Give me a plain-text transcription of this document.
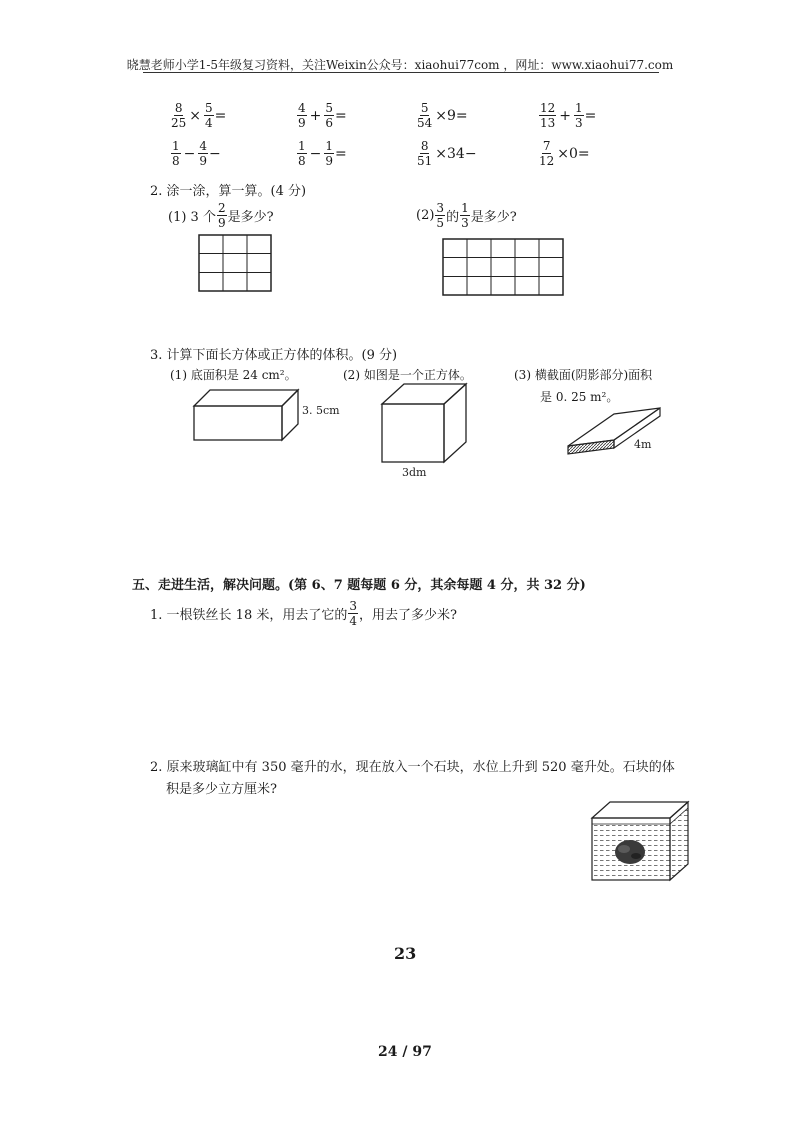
晓慧老师小学1-5年级复习资料，关注Weixin公众号：xiaohui77com ，网址：www.xiaohui77.com
$\frac{8}{25} \times \frac{5}{4}$ =	$\frac{4}{9} + \frac{5}{6}$ =	$\frac{5}{54} \times 9=$	$\frac{12}{13} + \frac{1}{3}$ =
$\frac{1}{8} - \frac{4}{9}$ −	$\frac{1}{8} - \frac{1}{9}$ =	$\frac{8}{51} \times 34-$	$\frac{7}{12} \times 0=$
2. 涂一涂，算一算。(4 分)
(1) 3 个 $\frac{2}{9}$ 是多少?	$(2) \frac{3}{5}$ 的 $\frac{1}{3}$ 是多少?
3. 计算下面长方体或正方体的体积。(9 分)
(1) 底面积是 24 cm²。	(2) 如图是一个正方体。	(3) 横截面(阴影部分)面积
是 0. 25 m²。
3. 5cm
3dm
4m
五、走进生活，解决问题。(第 6、7 题每题 6 分，其余每题 4 分，共 32 分)
1. 一根铁丝长 18 米，用去了它的 $\frac{3}{4}$ ，用去了多少米?
2. 原来玻璃缸中有 350 毫升的水，现在放入一个石块，水位上升到 520 毫升处。石块的体
积是多少立方厘米?
23
24 / 97
